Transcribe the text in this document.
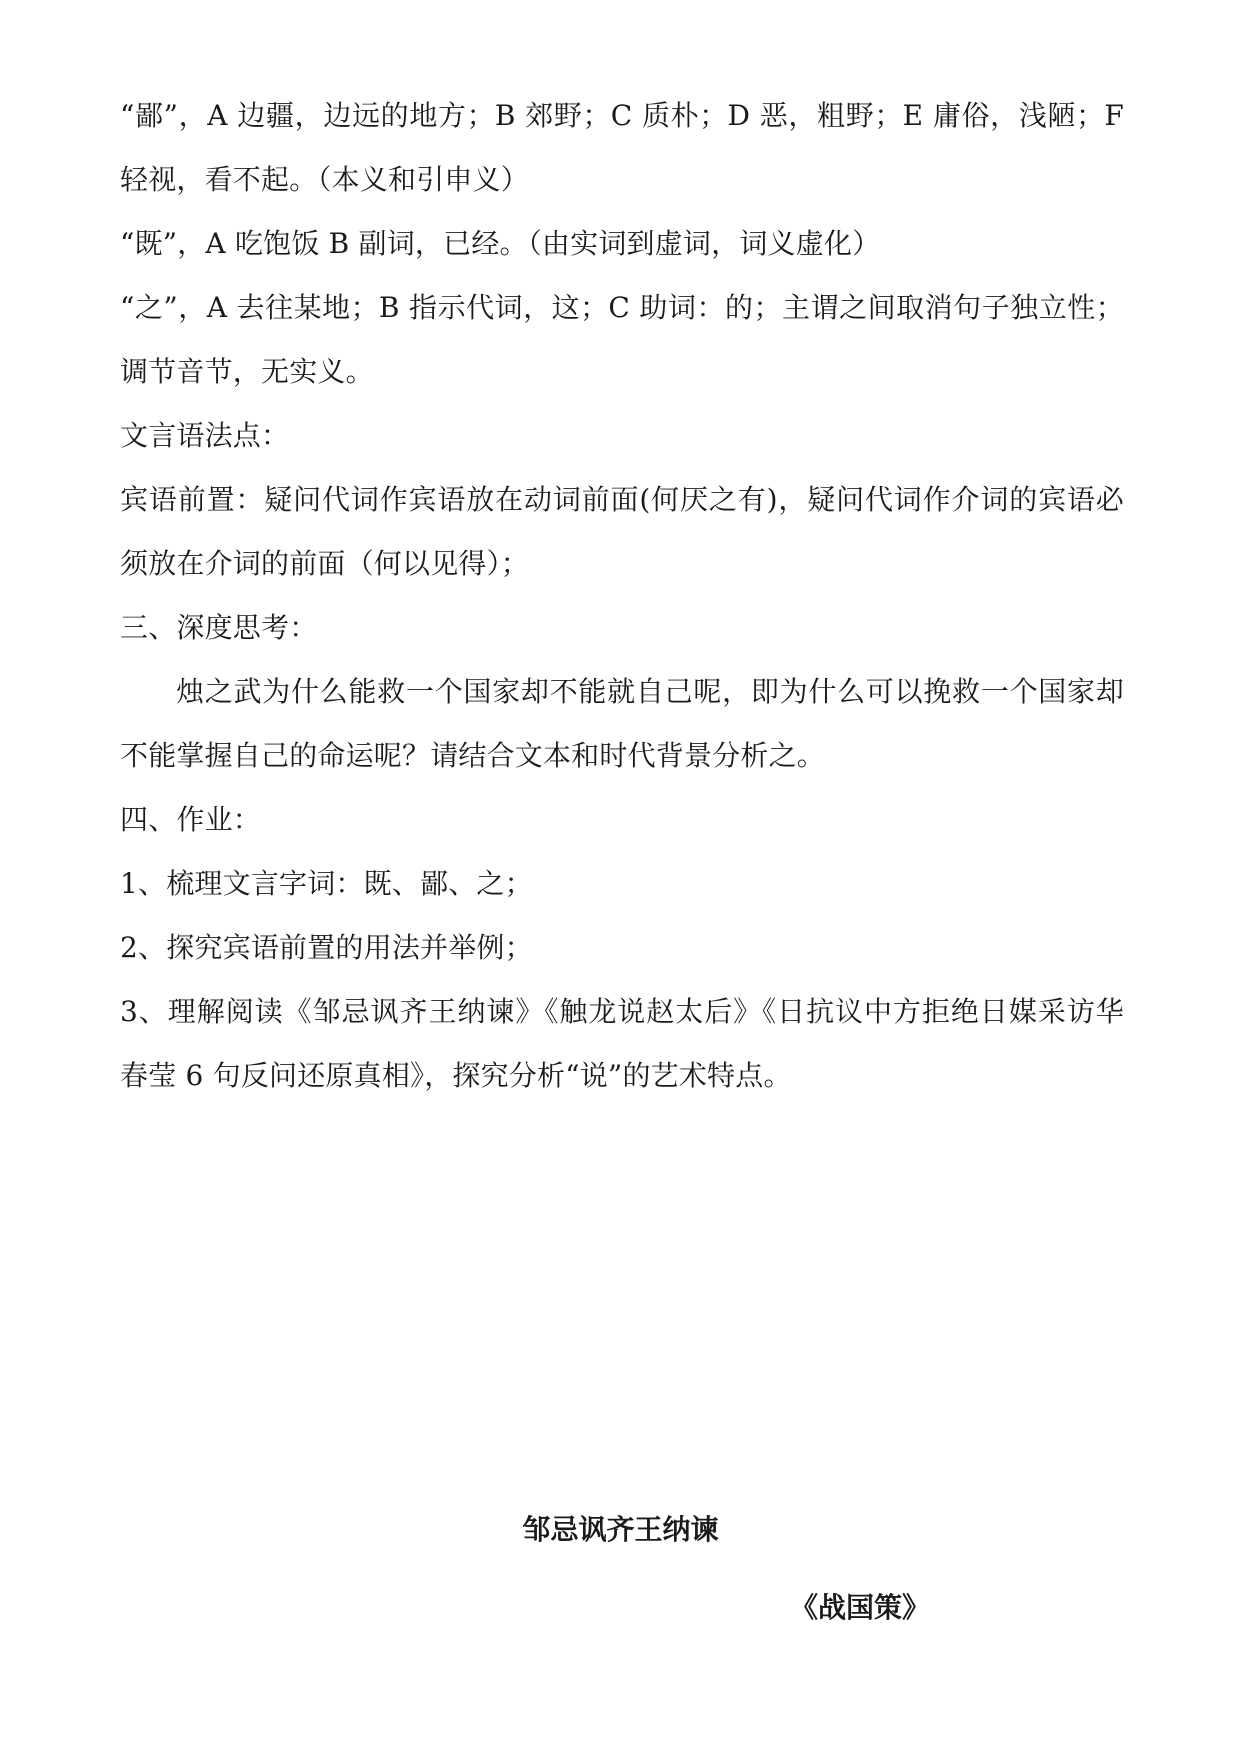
“鄙”，A 边疆，边远的地方；B 郊野；C 质朴；D 恶，粗野；E 庸俗，浅陋；F 轻视，看不起。（本义和引申义）

“既”，A 吃饱饭 B 副词，已经。（由实词到虚词，词义虚化）

“之”，A 去往某地；B 指示代词，这；C 助词：的；主谓之间取消句子独立性；调节音节，无实义。

文言语法点：

宾语前置：疑问代词作宾语放在动词前面(何厌之有)，疑问代词作介词的宾语必须放在介词的前面（何以见得）；

三、深度思考：

烛之武为什么能救一个国家却不能就自己呢，即为什么可以挽救一个国家却不能掌握自己的命运呢？请结合文本和时代背景分析之。

四、作业：

1、梳理文言字词：既、鄙、之；

2、探究宾语前置的用法并举例；

3、理解阅读《邹忌讽齐王纳谏》《触龙说赵太后》《日抗议中方拒绝日媒采访华春莹 6 句反问还原真相》，探究分析“说”的艺术特点。

邹忌讽齐王纳谏
《战国策》
